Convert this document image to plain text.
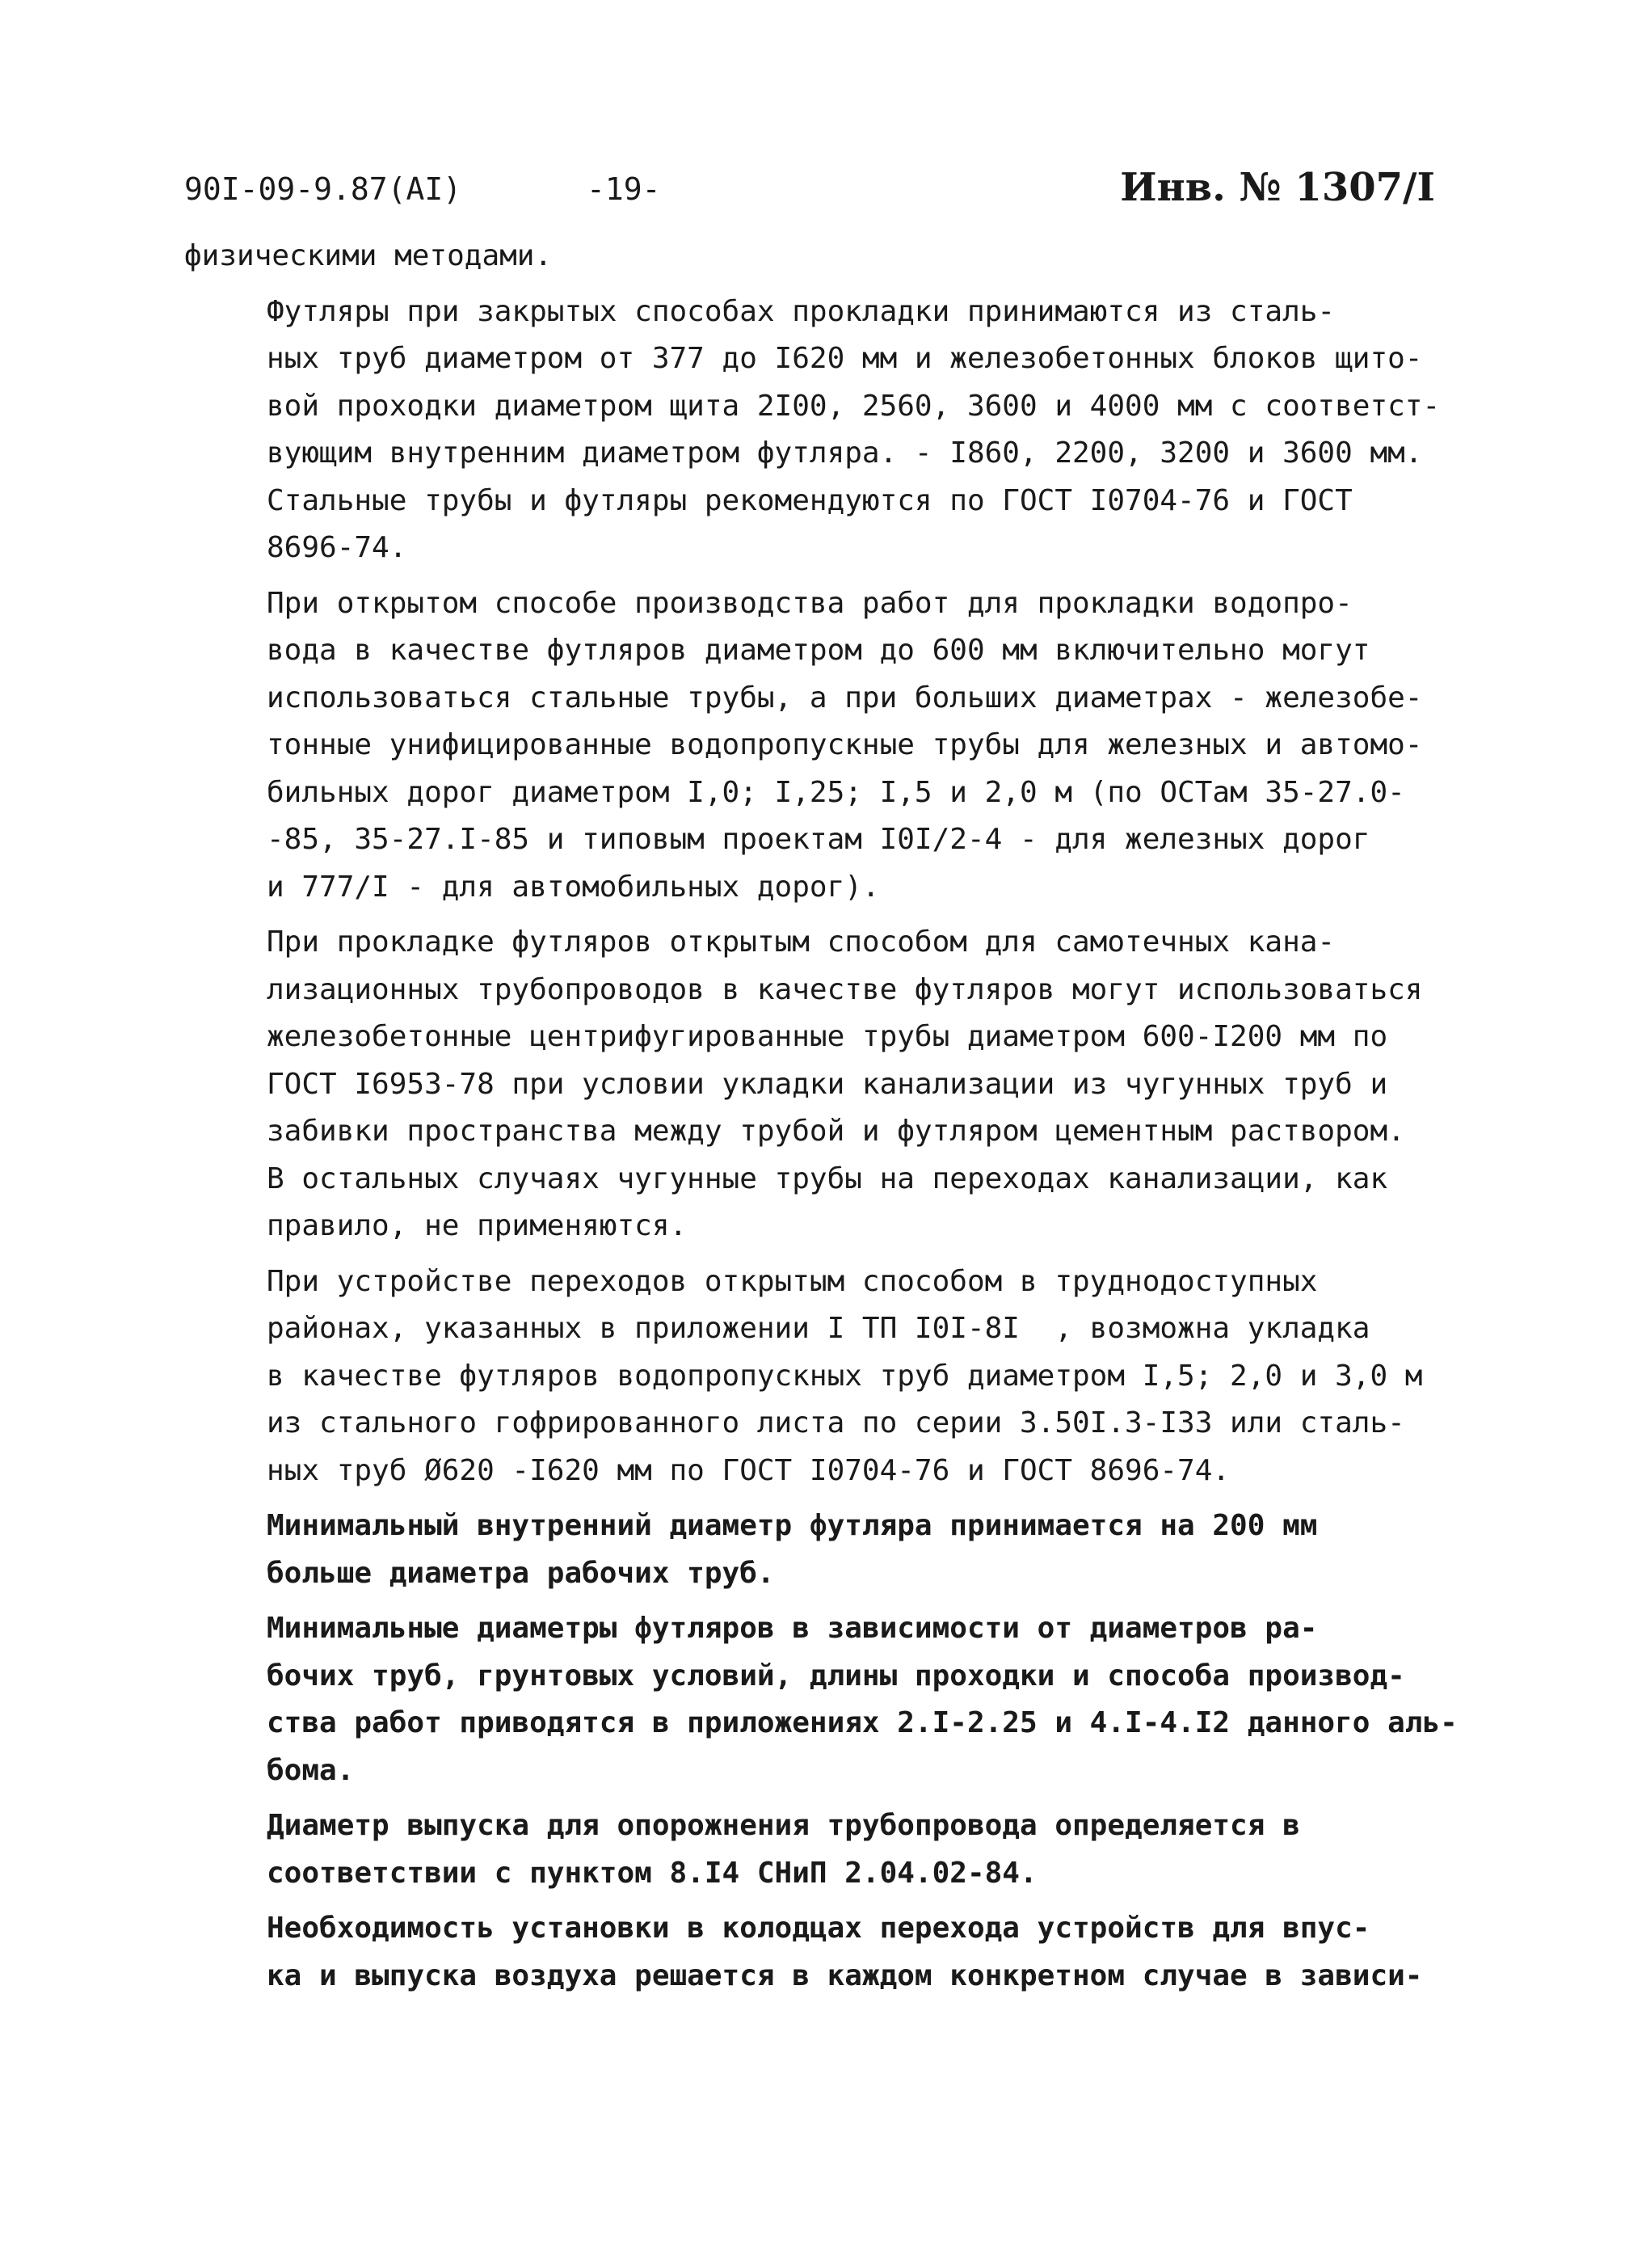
90I-09-9.87(AI)	-19-	Инв. № 1307/I

физическими методами.

Футляры при закрытых способах прокладки принимаются из сталь-
ных труб диаметром от 377 до I620 мм и железобетонных блоков щито-
вой проходки диаметром щита 2I00, 2560, 3600 и 4000 мм с соответст-
вующим внутренним диаметром футляра. - I860, 2200, 3200 и 3600 мм.
Стальные трубы и футляры рекомендуются по ГОСТ I0704-76 и ГОСТ
8696-74.

При открытом способе производства работ для прокладки водопро-
вода в качестве футляров диаметром до 600 мм включительно могут
использоваться стальные трубы, а при больших диаметрах - железобе-
тонные унифицированные водопропускные трубы для железных и автомо-
бильных дорог диаметром I,0; I,25; I,5 и 2,0 м (по ОСТам 35-27.0-
-85, 35-27.I-85 и типовым проектам I0I/2-4 - для железных дорог
и 777/I - для автомобильных дорог).

При прокладке футляров открытым способом для самотечных кана-
лизационных трубопроводов в качестве футляров могут использоваться
железобетонные центрифугированные трубы диаметром 600-I200 мм по
ГОСТ I6953-78 при условии укладки канализации из чугунных труб и
забивки пространства между трубой и футляром цементным раствором.
В остальных случаях чугунные трубы на переходах канализации, как
правило, не применяются.

При устройстве переходов открытым способом в труднодоступных
районах, указанных в приложении I ТП I0I-8I  , возможна укладка
в качестве футляров водопропускных труб диаметром I,5; 2,0 и 3,0 м
из стального гофрированного листа по серии 3.50I.3-I33 или сталь-
ных труб Ø620 -I620 мм по ГОСТ I0704-76 и ГОСТ 8696-74.

Минимальный внутренний диаметр футляра принимается на 200 мм
больше диаметра рабочих труб.

Минимальные диаметры футляров в зависимости от диаметров ра-
бочих труб, грунтовых условий, длины проходки и способа производ-
ства работ приводятся в приложениях 2.I-2.25 и 4.I-4.I2 данного аль-
бома.

Диаметр выпуска для опорожнения трубопровода определяется в
соответствии с пунктом 8.I4 СНиП 2.04.02-84.

Необходимость установки в колодцах перехода устройств для впус-
ка и выпуска воздуха решается в каждом конкретном случае в зависи-
